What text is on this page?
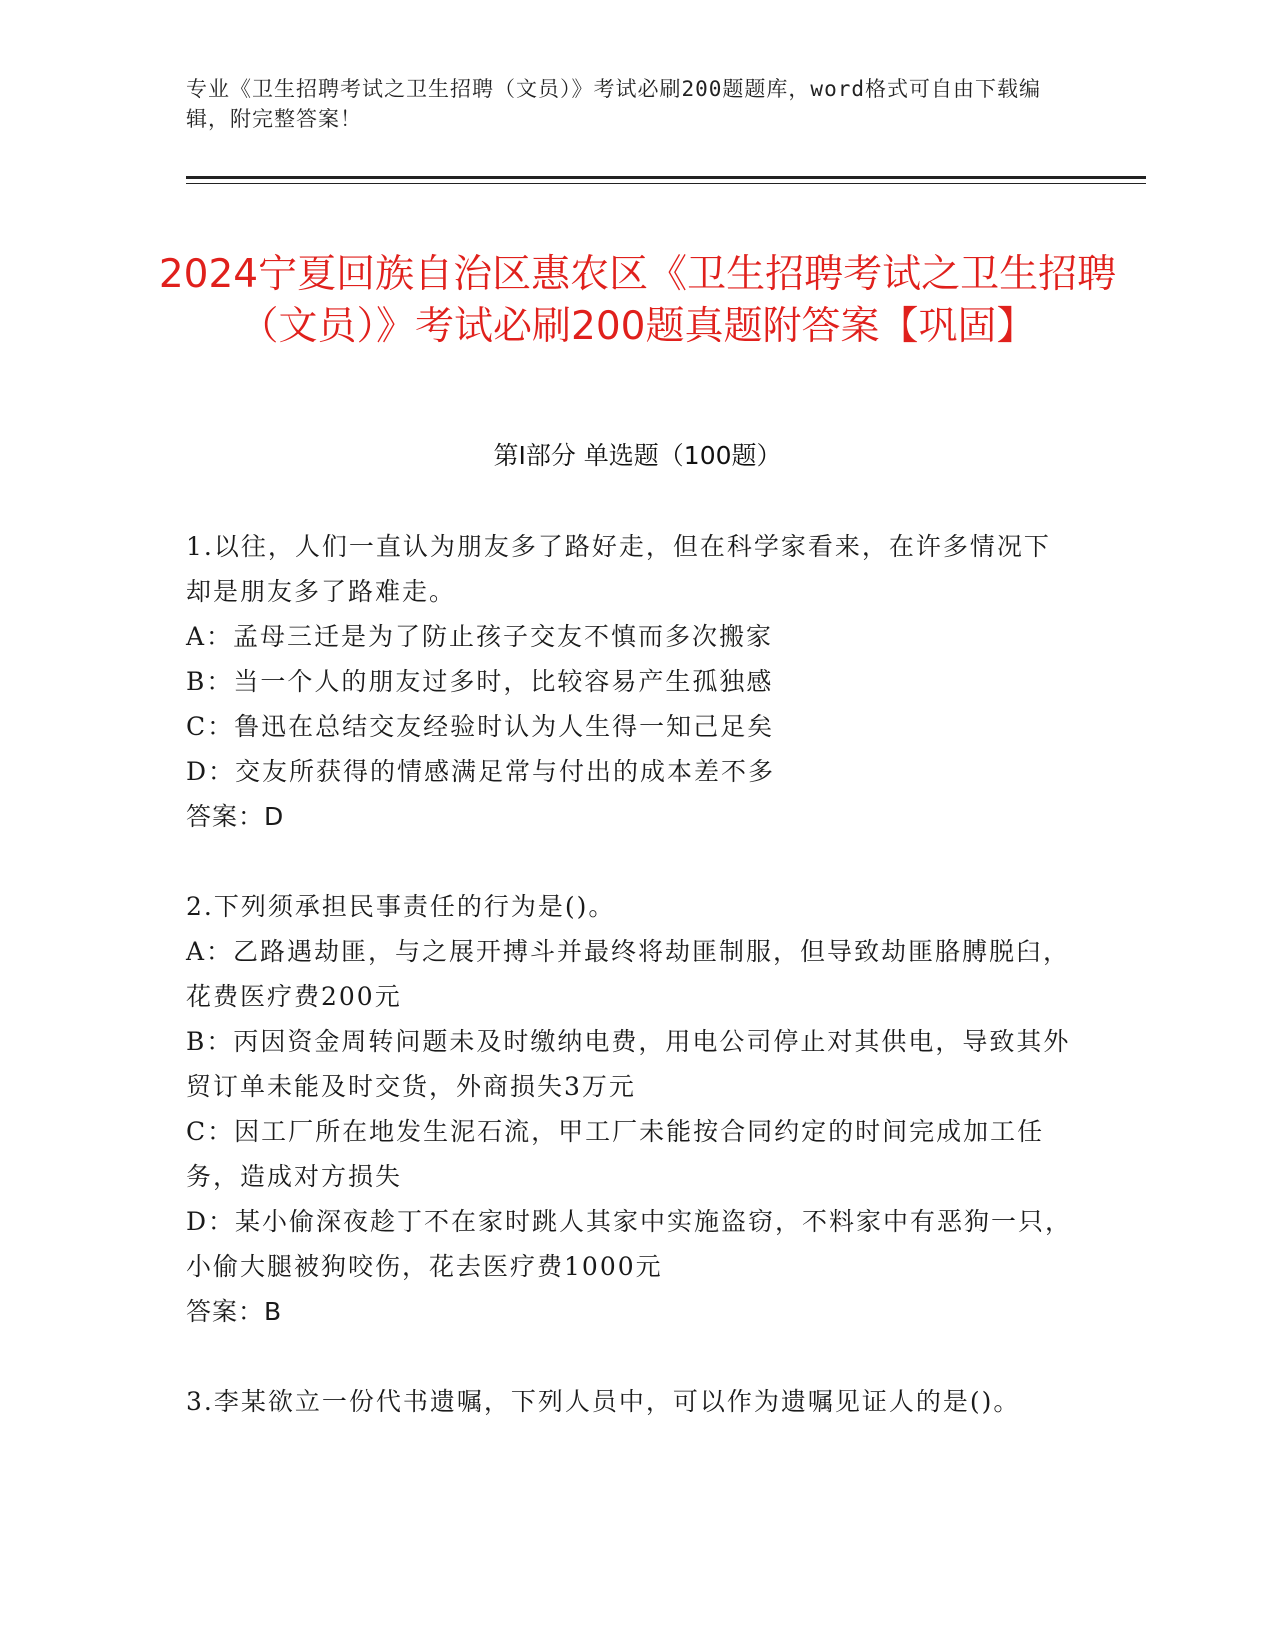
专业《卫生招聘考试之卫生招聘（文员）》考试必刷200题题库，word格式可自由下载编辑，附完整答案！
2024宁夏回族自治区惠农区《卫生招聘考试之卫生招聘（文员）》考试必刷200题真题附答案【巩固】
第I部分 单选题（100题）
1.以往，人们一直认为朋友多了路好走，但在科学家看来，在许多情况下却是朋友多了路难走。
A：孟母三迁是为了防止孩子交友不慎而多次搬家
B：当一个人的朋友过多时，比较容易产生孤独感
C：鲁迅在总结交友经验时认为人生得一知己足矣
D：交友所获得的情感满足常与付出的成本差不多
答案：D
2.下列须承担民事责任的行为是()。
A：乙路遇劫匪，与之展开搏斗并最终将劫匪制服，但导致劫匪胳膊脱臼，花费医疗费200元
B：丙因资金周转问题未及时缴纳电费，用电公司停止对其供电，导致其外贸订单未能及时交货，外商损失3万元
C：因工厂所在地发生泥石流，甲工厂未能按合同约定的时间完成加工任务，造成对方损失
D：某小偷深夜趁丁不在家时跳人其家中实施盗窃，不料家中有恶狗一只，小偷大腿被狗咬伤，花去医疗费1000元
答案：B
3.李某欲立一份代书遗嘱，下列人员中，可以作为遗嘱见证人的是()。
